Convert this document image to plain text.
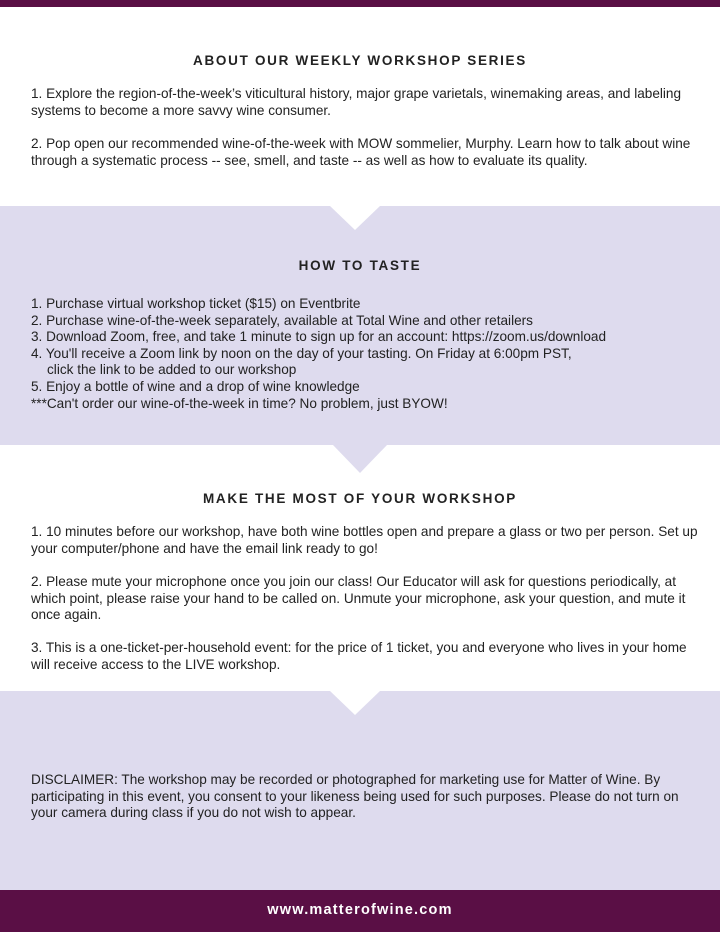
ABOUT OUR WEEKLY WORKSHOP SERIES

1. Explore the region-of-the-week’s viticultural history, major grape varietals, winemaking areas, and labeling systems to become a more savvy wine consumer.

2. Pop open our recommended wine-of-the-week with MOW sommelier, Murphy. Learn how to talk about wine through a systematic process -- see, smell, and taste -- as well as how to evaluate its quality.

HOW TO TASTE
1. Purchase virtual workshop ticket ($15) on Eventbrite
2. Purchase wine-of-the-week separately, available at Total Wine and other retailers
3. Download Zoom, free, and take 1 minute to sign up for an account: https://zoom.us/download
4. You'll receive a Zoom link by noon on the day of your tasting. On Friday at 6:00pm PST,
click the link to be added to our workshop
5. Enjoy a bottle of wine and a drop of wine knowledge
***Can't order our wine-of-the-week in time? No problem, just BYOW!
MAKE THE MOST OF YOUR WORKSHOP

1. 10 minutes before our workshop, have both wine bottles open and prepare a glass or two per person. Set up your computer/phone and have the email link ready to go!

2. Please mute your microphone once you join our class! Our Educator will ask for questions periodically, at which point, please raise your hand to be called on. Unmute your microphone, ask your question, and mute it once again.

3. This is a one-ticket-per-household event: for the price of 1 ticket, you and everyone who lives in your home will receive access to the LIVE workshop.

DISCLAIMER: The workshop may be recorded or photographed for marketing use for Matter of Wine. By participating in this event, you consent to your likeness being used for such purposes. Please do not turn on your camera during class if you do not wish to appear.

www.matterofwine.com
